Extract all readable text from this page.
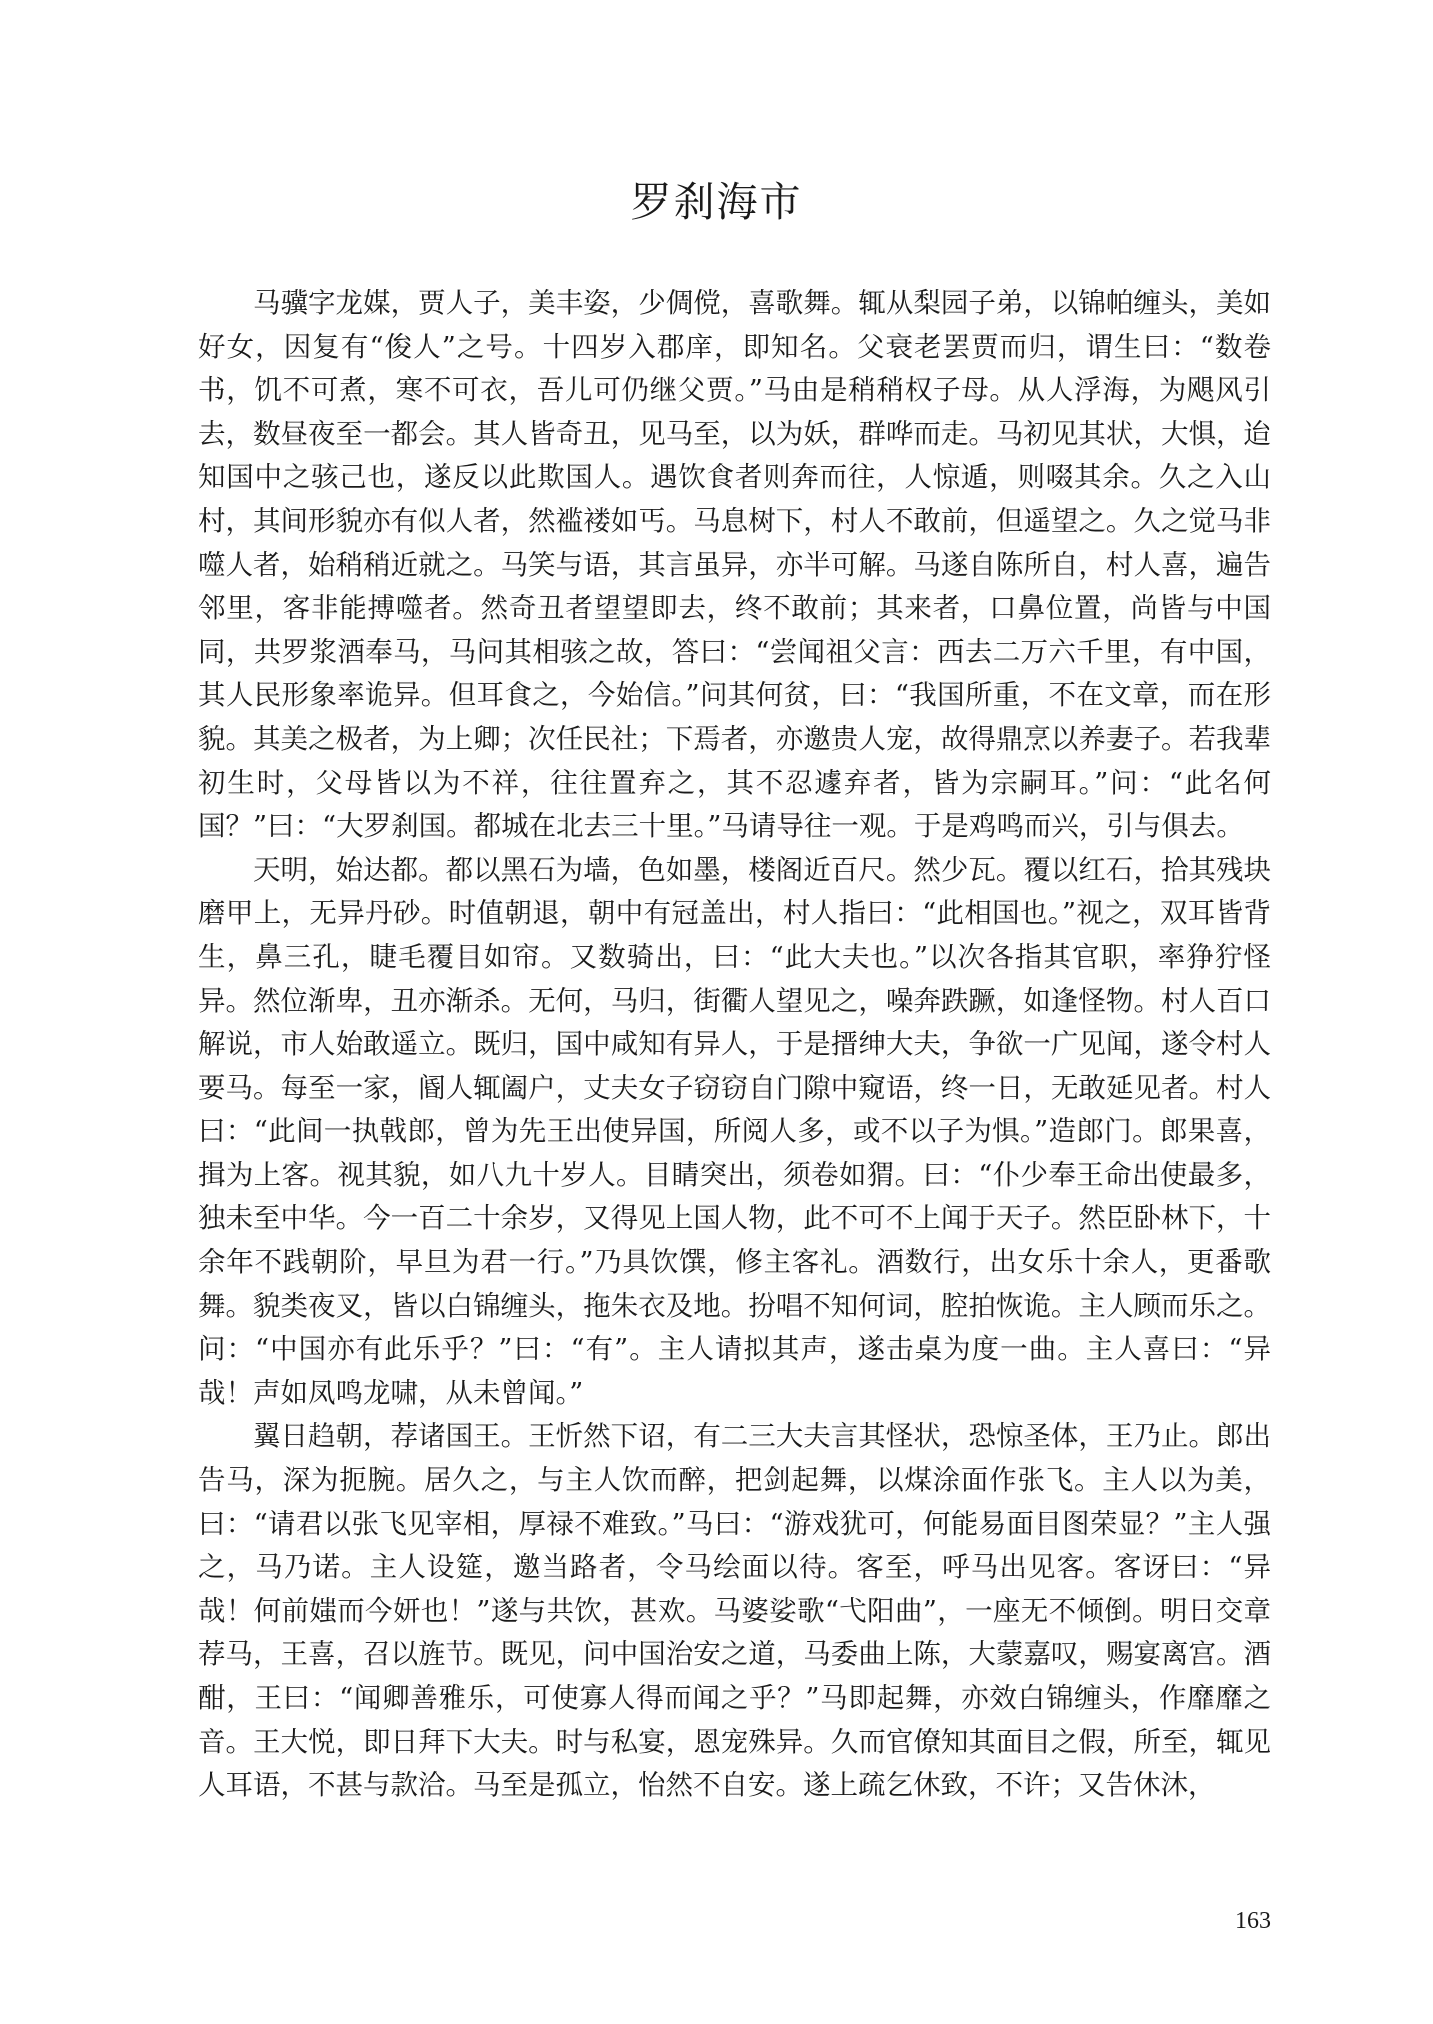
罗刹海市

马骥字龙媒，贾人子，美丰姿，少倜傥，喜歌舞。辄从梨园子弟，以锦帕缠头，美如好女，因复有“俊人”之号。十四岁入郡庠，即知名。父衰老罢贾而归，谓生曰：“数卷书，饥不可煮，寒不可衣，吾儿可仍继父贾。”马由是稍稍权子母。从人浮海，为飓风引去，数昼夜至一都会。其人皆奇丑，见马至，以为妖，群哗而走。马初见其状，大惧，迨知国中之骇己也，遂反以此欺国人。遇饮食者则奔而往，人惊遁，则啜其余。久之入山村，其间形貌亦有似人者，然褴褛如丐。马息树下，村人不敢前，但遥望之。久之觉马非噬人者，始稍稍近就之。马笑与语，其言虽异，亦半可解。马遂自陈所自，村人喜，遍告邻里，客非能搏噬者。然奇丑者望望即去，终不敢前；其来者，口鼻位置，尚皆与中国同，共罗浆酒奉马，马问其相骇之故，答曰：“尝闻祖父言：西去二万六千里，有中国，其人民形象率诡异。但耳食之，今始信。”问其何贫，曰：“我国所重，不在文章，而在形貌。其美之极者，为上卿；次任民社；下焉者，亦邀贵人宠，故得鼎烹以养妻子。若我辈初生时，父母皆以为不祥，往往置弃之，其不忍遽弃者，皆为宗嗣耳。”问：“此名何国？”曰：“大罗刹国。都城在北去三十里。”马请导往一观。于是鸡鸣而兴，引与俱去。

天明，始达都。都以黑石为墙，色如墨，楼阁近百尺。然少瓦。覆以红石，拾其残块磨甲上，无异丹砂。时值朝退，朝中有冠盖出，村人指曰：“此相国也。”视之，双耳皆背生，鼻三孔，睫毛覆目如帘。又数骑出，曰：“此大夫也。”以次各指其官职，率狰狞怪异。然位渐卑，丑亦渐杀。无何，马归，街衢人望见之，噪奔跌蹶，如逢怪物。村人百口解说，市人始敢遥立。既归，国中咸知有异人，于是搢绅大夫，争欲一广见闻，遂令村人要马。每至一家，阍人辄阖户，丈夫女子窃窃自门隙中窥语，终一日，无敢延见者。村人曰：“此间一执戟郎，曾为先王出使异国，所阅人多，或不以子为惧。”造郎门。郎果喜，揖为上客。视其貌，如八九十岁人。目睛突出，须卷如猬。曰：“仆少奉王命出使最多，独未至中华。今一百二十余岁，又得见上国人物，此不可不上闻于天子。然臣卧林下，十余年不践朝阶，早旦为君一行。”乃具饮馔，修主客礼。酒数行，出女乐十余人，更番歌舞。貌类夜叉，皆以白锦缠头，拖朱衣及地。扮唱不知何词，腔拍恢诡。主人顾而乐之。问：“中国亦有此乐乎？”曰：“有”。主人请拟其声，遂击桌为度一曲。主人喜曰：“异哉！声如凤鸣龙啸，从未曾闻。”

翼日趋朝，荐诸国王。王忻然下诏，有二三大夫言其怪状，恐惊圣体，王乃止。郎出告马，深为扼腕。居久之，与主人饮而醉，把剑起舞，以煤涂面作张飞。主人以为美，曰：“请君以张飞见宰相，厚禄不难致。”马曰：“游戏犹可，何能易面目图荣显？”主人强之，马乃诺。主人设筵，邀当路者，令马绘面以待。客至，呼马出见客。客讶曰：“异哉！何前媸而今妍也！”遂与共饮，甚欢。马婆娑歌“弋阳曲”，一座无不倾倒。明日交章荐马，王喜，召以旌节。既见，问中国治安之道，马委曲上陈，大蒙嘉叹，赐宴离宫。酒酣，王曰：“闻卿善雅乐，可使寡人得而闻之乎？”马即起舞，亦效白锦缠头，作靡靡之音。王大悦，即日拜下大夫。时与私宴，恩宠殊异。久而官僚知其面目之假，所至，辄见人耳语，不甚与款洽。马至是孤立，怡然不自安。遂上疏乞休致，不许；又告休沐，

163
